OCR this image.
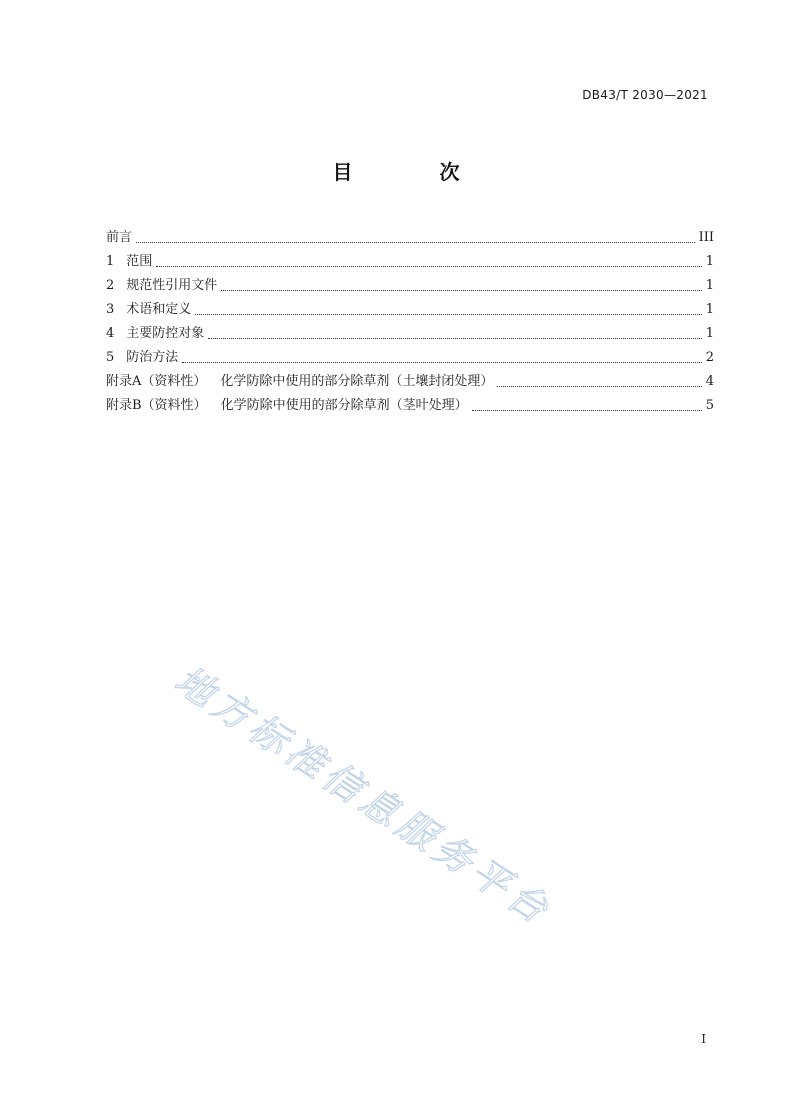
DB43/T 2030—2021
目 次
前言	III
1 范围	1
2 规范性引用文件	1
3 术语和定义	1
4 主要防控对象	1
5 防治方法	2
附录A（资料性） 化学防除中使用的部分除草剂（土壤封闭处理）	4
附录B（资料性） 化学防除中使用的部分除草剂（茎叶处理）	5
地方标准信息服务平台
I
